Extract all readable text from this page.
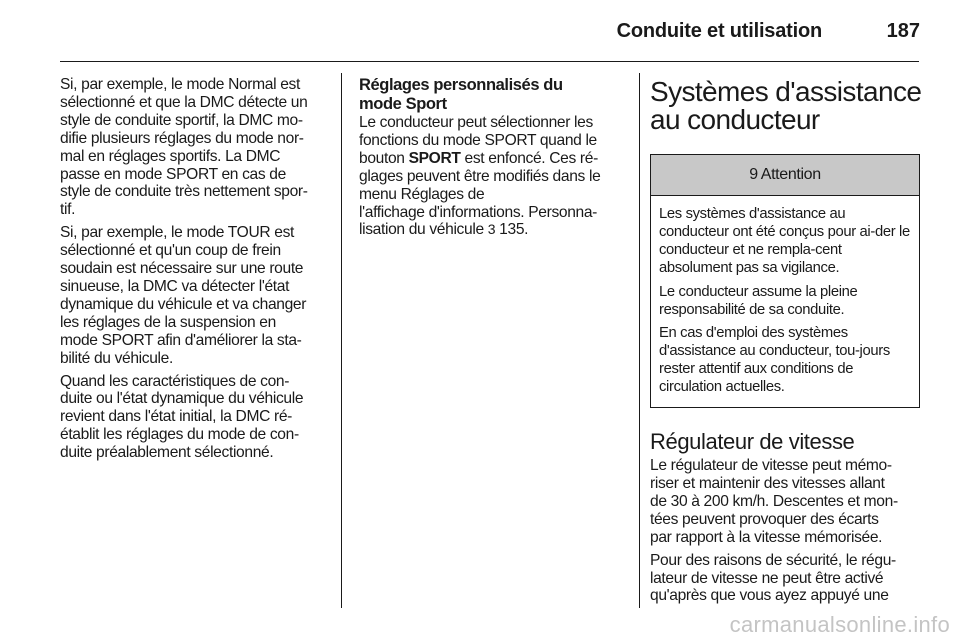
Conduite et utilisation	187

Si, par exemple, le mode Normal est
sélectionné et que la DMC détecte un
style de conduite sportif, la DMC mo-
difie plusieurs réglages du mode nor-
mal en réglages sportifs. La DMC
passe en mode SPORT en cas de
style de conduite très nettement spor-
tif.

Si, par exemple, le mode TOUR est
sélectionné et qu'un coup de frein
soudain est nécessaire sur une route
sinueuse, la DMC va détecter l'état
dynamique du véhicule et va changer
les réglages de la suspension en
mode SPORT afin d'améliorer la sta-
bilité du véhicule.

Quand les caractéristiques de con-
duite ou l'état dynamique du véhicule
revient dans l'état initial, la DMC ré-
établit les réglages du mode de con-
duite préalablement sélectionné.

Réglages personnalisés du
mode Sport

Le conducteur peut sélectionner les
fonctions du mode SPORT quand le
bouton SPORT est enfoncé. Ces ré-
glages peuvent être modifiés dans le
menu Réglages de
l'affichage d'informations. Personna-
lisation du véhicule 3 135.

Systèmes d'assistance
au conducteur
9 Attention

Les systèmes d'assistance au conducteur ont été conçus pour ai-der le conducteur et ne rempla-cent absolument pas sa vigilance.

Le conducteur assume la pleine responsabilité de sa conduite.

En cas d'emploi des systèmes d'assistance au conducteur, tou-jours rester attentif aux conditions de circulation actuelles.

Régulateur de vitesse

Le régulateur de vitesse peut mémo-
riser et maintenir des vitesses allant
de 30 à 200 km/h. Descentes et mon-
tées peuvent provoquer des écarts
par rapport à la vitesse mémorisée.

Pour des raisons de sécurité, le régu-
lateur de vitesse ne peut être activé
qu'après que vous ayez appuyé une

carmanualsonline.info
